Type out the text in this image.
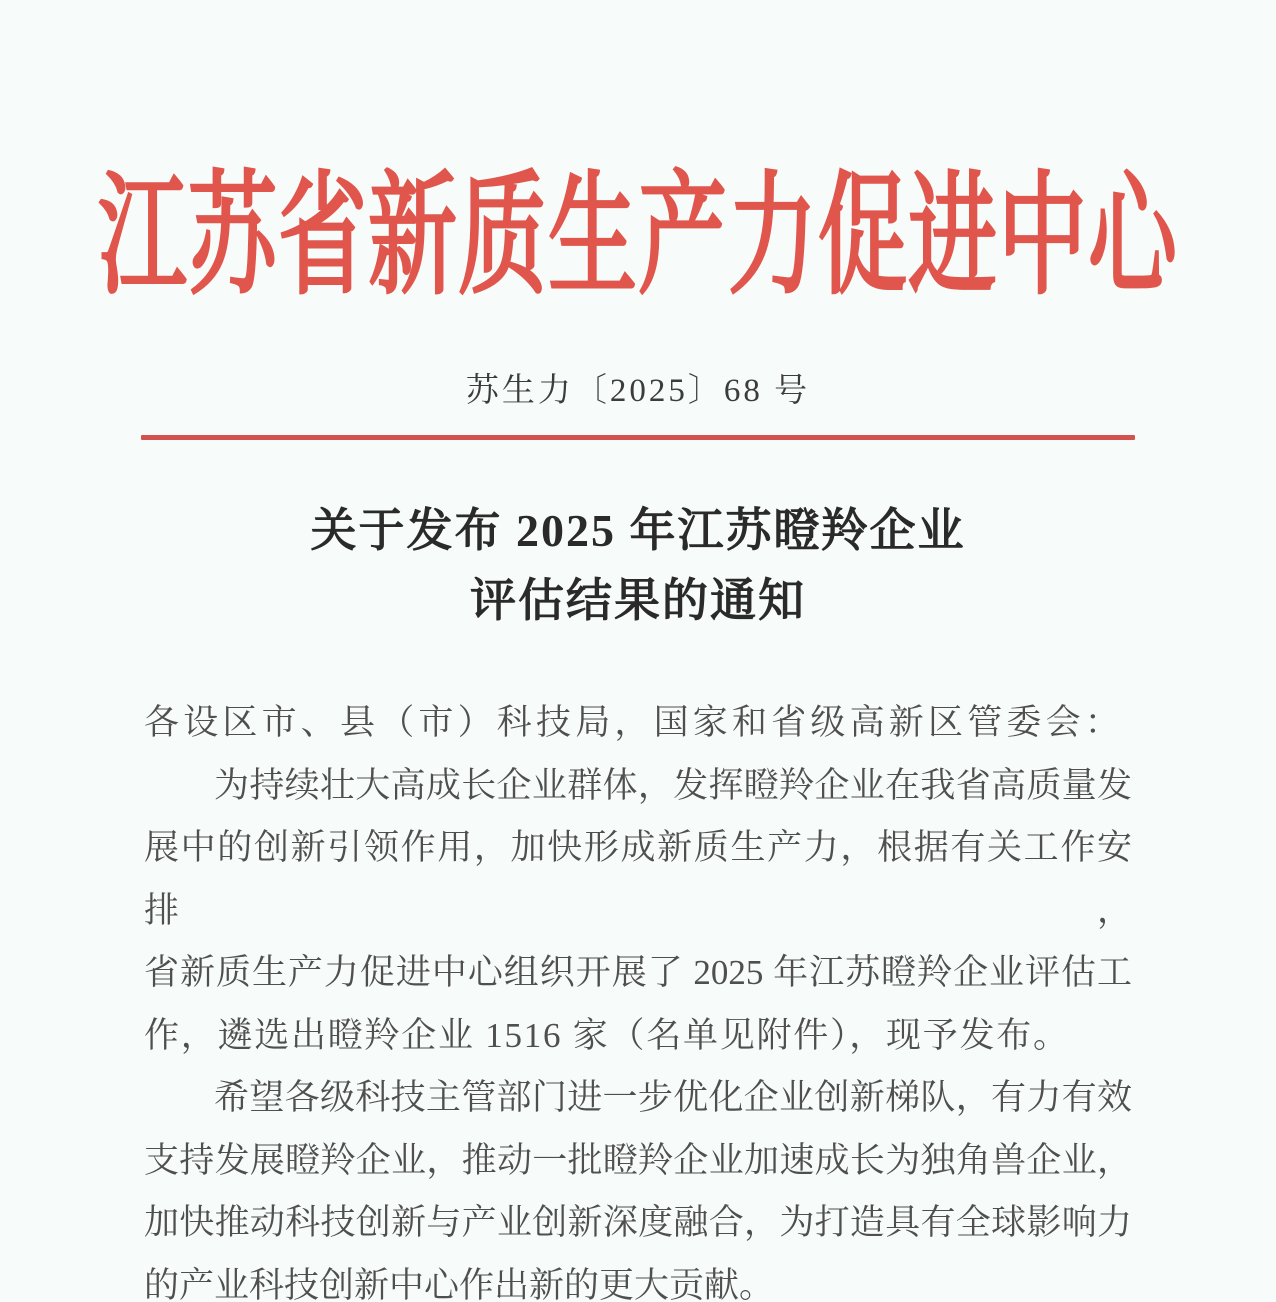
江苏省新质生产力促进中心
苏生力〔2025〕68 号
关于发布 2025 年江苏瞪羚企业
评估结果的通知
各设区市、县（市）科技局，国家和省级高新区管委会：
为持续壮大高成长企业群体，发挥瞪羚企业在我省高质量发
展中的创新引领作用，加快形成新质生产力，根据有关工作安排，
省新质生产力促进中心组织开展了 2025 年江苏瞪羚企业评估工
作，遴选出瞪羚企业 1516 家（名单见附件），现予发布。
希望各级科技主管部门进一步优化企业创新梯队，有力有效
支持发展瞪羚企业，推动一批瞪羚企业加速成长为独角兽企业，
加快推动科技创新与产业创新深度融合，为打造具有全球影响力
的产业科技创新中心作出新的更大贡献。
